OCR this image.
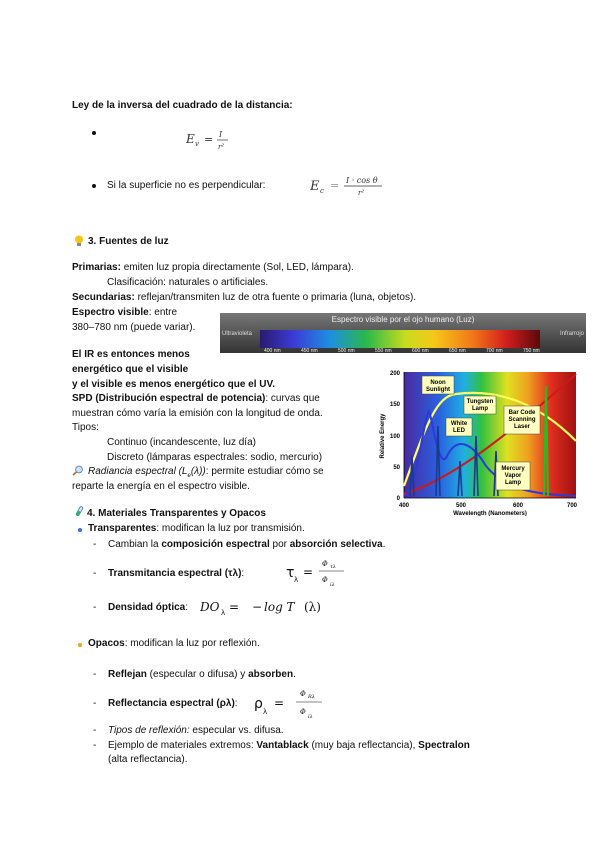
Ley de la inversa del cuadrado de la distancia:
E v = I
r²
Si la superficie no es perpendicular:	E c = I · cos θ
r²
3. Fuentes de luz
Primarias: emiten luz propia directamente (Sol, LED, lámpara).
Clasificación: naturales o artificiales.
Secundarias: reflejan/transmiten luz de otra fuente o primaria (luna, objetos).
Espectro visible: entre
380–780 nm (puede variar).
Espectro visible por el ojo humano (Luz)
Ultravioleta	Infrarrojo
400 nm	450 nm	500 nm	550 nm	600 nm	650 nm	700 nm	750 nm
El IR es entonces menos
energético que el visible
y el visible es menos energético que el UV.
SPD (Distribución espectral de potencia): curvas que
muestran cómo varía la emisión con la longitud de onda.
Tipos:
Continuo (incandescente, luz día)
Discreto (lámparas espectrales: sodio, mercurio)
Radiancia espectral $(L_e(\lambda))$: permite estudiar cómo se
reparte la energía en el espectro visible.
Noon Sunlight
Tungsten Lamp
White LED
Bar Code Scanning Laser
Mercury Vapor Lamp
200
150
100
50
0
400	500	600	700
Wavelength (Nanometers)
Relative Energy
4. Materiales Transparentes y Opacos
Transparentes: modifican la luz por transmisión.
- Cambian la composición espectral por absorción selectiva.
- Transmitancia espectral (τλ):	τ λ
=
Φ τλ
Φ
iλ
- Densidad óptica: DO λ = − log T (λ)
Opacos: modifican la luz por reflexión.
- Reflejan (especular o difusa) y absorben.
- Reflectancia espectral (ρλ): ρ λ
=
Φ Rλ
Φ
iλ
- Tipos de reflexión: especular vs. difusa.
- Ejemplo de materiales extremos: Vantablack (muy baja reflectancia), Spectralon
(alta reflectancia).
